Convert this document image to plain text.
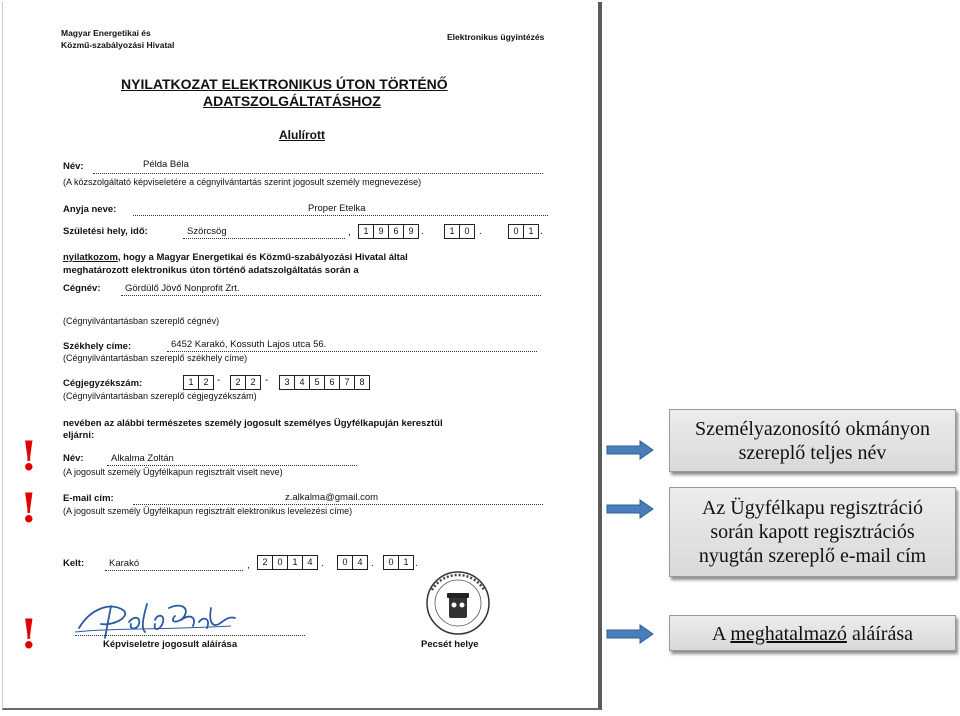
Magyar Energetikai és
Közmű-szabályozási Hivatal
Elektronikus ügyintézés
NYILATKOZAT ELEKTRONIKUS ÚTON TÖRTÉNŐ
ADATSZOLGÁLTATÁSHOZ
Alulírott
Név:	Példa Béla
(A közszolgáltató képviseletére a cégnyilvántartás szerint jogosult személy megnevezése)
Anyja neve:	Proper Etelka
Születési hely, idő:	Szörcsög	,	1	9	6	9 .	1	0 .	0	1 .
nyilatkozom, hogy a Magyar Energetikai és Közmű-szabályozási Hivatal által
meghatározott elektronikus úton történő adatszolgáltatás során a
Cégnév:	Gördülő Jövő Nonprofit Zrt.
(Cégnyilvántartásban szereplő cégnév)
Székhely címe:	6452 Karakó, Kossuth Lajos utca 56.
(Cégnyilvántartásban szereplő székhely címe)
Cégjegyzékszám:	1	2 -	2	2 -	3	4	5	6	7	8
(Cégnyilvántartásban szereplő cégjegyzékszám)
nevében az alábbi természetes személy jogosult személyes Ügyfélkapuján keresztül
eljárni:
Név:	Alkalma Zoltán
(A jogosult személy Ügyfélkapun regisztrált viselt neve)
E-mail cím:	z.alkalma@gmail.com
(A jogosult személy Ügyfélkapun regisztrált elektronikus levelezési címe)
Kelt:	Karakó	,	2	0	1	4 .	0	4 .	0	1 .
Képviseletre jogosult aláírása	Pecsét helye
!
!
!
Személyazonosító okmányon
szereplő teljes név
Az Ügyfélkapu regisztráció
során kapott regisztrációs
nyugtán szereplő e-mail cím
A meghatalmazó aláírása
